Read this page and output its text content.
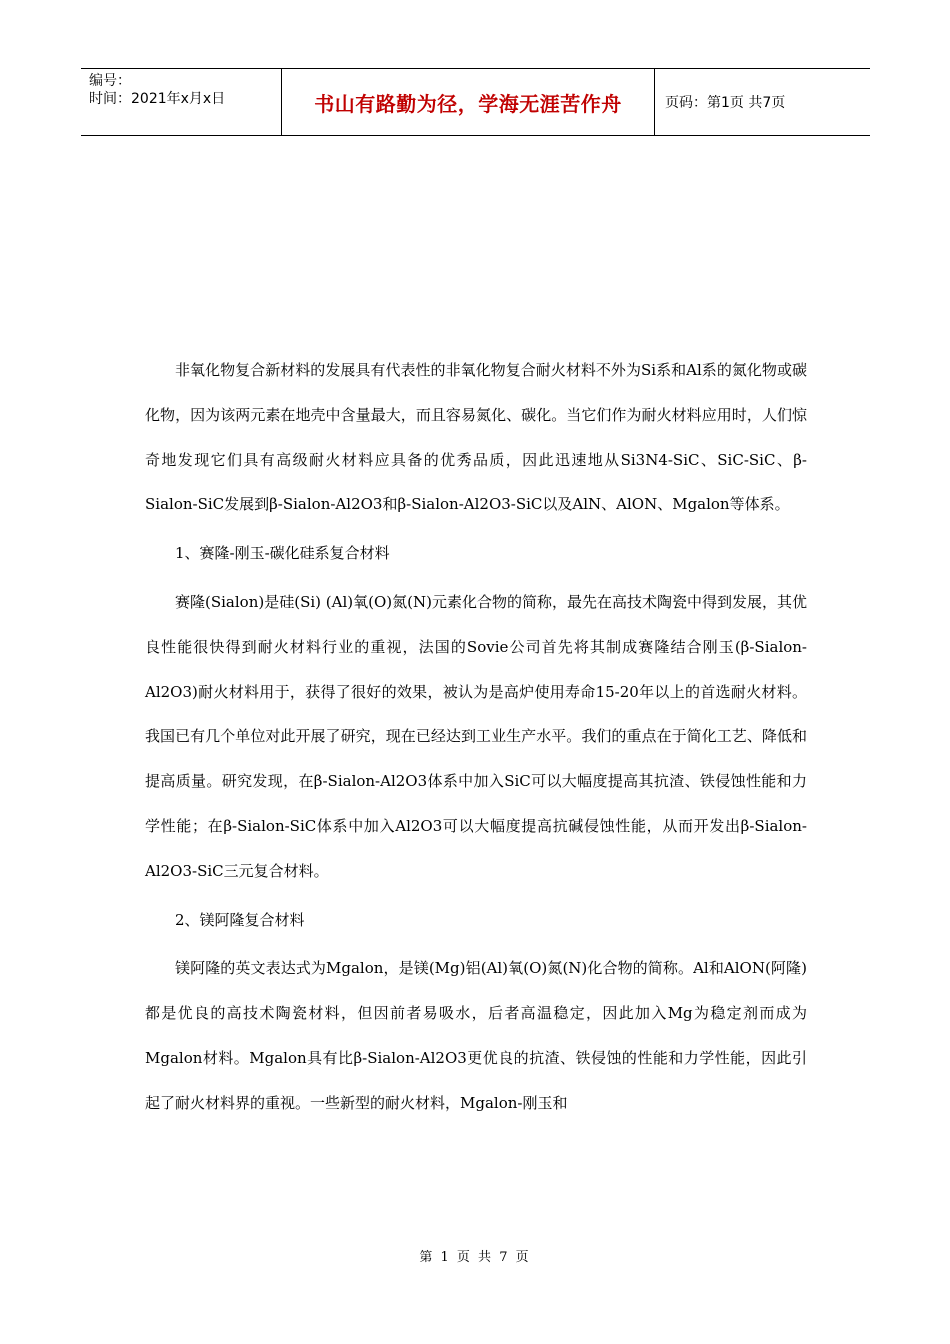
编号：
时间：2021年x月x日	书山有路勤为径，学海无涯苦作舟	页码：第1页 共7页

非氧化物复合新材料的发展具有代表性的非氧化物复合耐火材料不外为Si系和Al系的氮化物或碳化物，因为该两元素在地壳中含量最大，而且容易氮化、碳化。当它们作为耐火材料应用时，人们惊奇地发现它们具有高级耐火材料应具备的优秀品质，因此迅速地从Si3N4-SiC、SiC-SiC、β-Sialon-SiC发展到β-Sialon-Al2O3和β-Sialon-Al2O3-SiC以及AlN、AlON、Mgalon等体系。

1、赛隆-刚玉-碳化硅系复合材料

赛隆(Sialon)是硅(Si) (Al)氧(O)氮(N)元素化合物的简称，最先在高技术陶瓷中得到发展，其优良性能很快得到耐火材料行业的重视，法国的Sovie公司首先将其制成赛隆结合刚玉(β-Sialon-Al2O3)耐火材料用于，获得了很好的效果，被认为是高炉使用寿命15-20年以上的首选耐火材料。我国已有几个单位对此开展了研究，现在已经达到工业生产水平。我们的重点在于简化工艺、降低和提高质量。研究发现，在β-Sialon-Al2O3体系中加入SiC可以大幅度提高其抗渣、铁侵蚀性能和力学性能；在β-Sialon-SiC体系中加入Al2O3可以大幅度提高抗碱侵蚀性能，从而开发出β-Sialon-Al2O3-SiC三元复合材料。

2、镁阿隆复合材料

镁阿隆的英文表达式为Mgalon，是镁(Mg)铝(Al)氧(O)氮(N)化合物的简称。Al和AlON(阿隆)都是优良的高技术陶瓷材料，但因前者易吸水，后者高温稳定，因此加入Mg为稳定剂而成为Mgalon材料。Mgalon具有比β-Sialon-Al2O3更优良的抗渣、铁侵蚀的性能和力学性能，因此引起了耐火材料界的重视。一些新型的耐火材料，Mgalon-刚玉和

第 1 页 共 7 页
